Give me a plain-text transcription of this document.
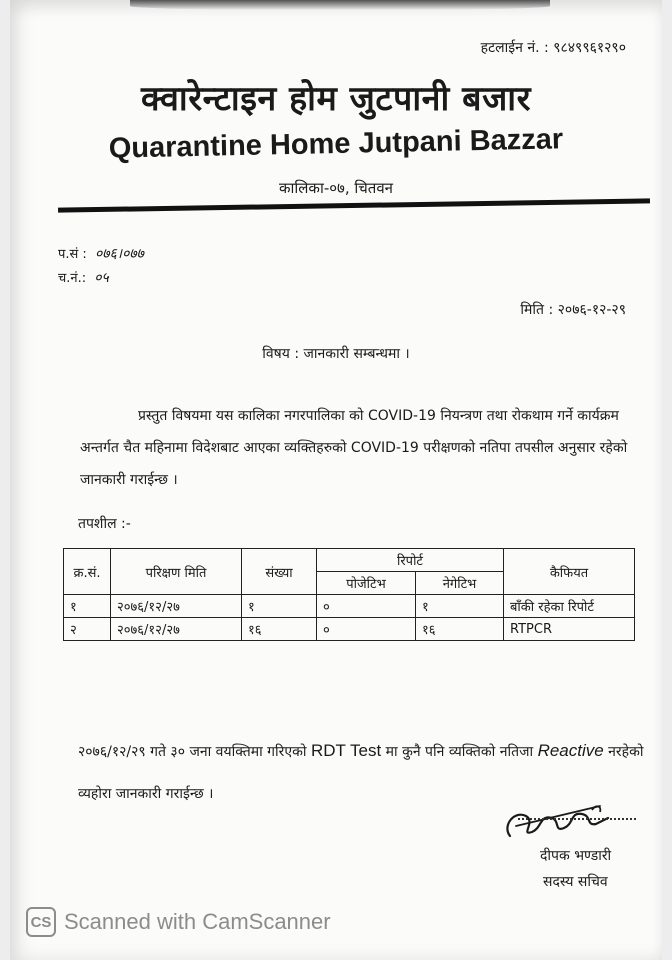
हटलाईन नं. : ९८४९९६१२९०
क्वारेन्टाइन होम जुटपानी बजार
Quarantine Home Jutpani Bazzar
कालिका-०७, चितवन
प.सं : ०७६।०७७
च.नं.: ०५
मिति : २०७६-१२-२९
विषय : जानकारी सम्बन्धमा ।
प्रस्तुत विषयमा यस कालिका नगरपालिका को COVID-19 नियन्त्रण तथा रोकथाम गर्ने कार्यक्रम अन्तर्गत चैत महिनामा विदेशबाट आएका व्यक्तिहरुको COVID-19 परीक्षणको नतिपा तपसील अनुसार रहेको जानकारी गराईन्छ ।
तपशील :-
क्र.सं.	परिक्षण मिति	संख्या	रिपोर्ट		कैफियत
			पोजेटिभ	नेगेटिभ	
१	२०७६/१२/२७	१	०	१	बाँकी रहेका रिपोर्ट
२	२०७६/१२/२७	१६	०	१६	RTPCR
२०७६/१२/२९ गते ३० जना वयक्तिमा गरिएको RDT Test मा कुनै पनि व्यक्तिको नतिजा Reactive नरहेको व्यहोरा जानकारी गराईन्छ ।
दीपक भण्डारी
सदस्य सचिव
CS Scanned with CamScanner
